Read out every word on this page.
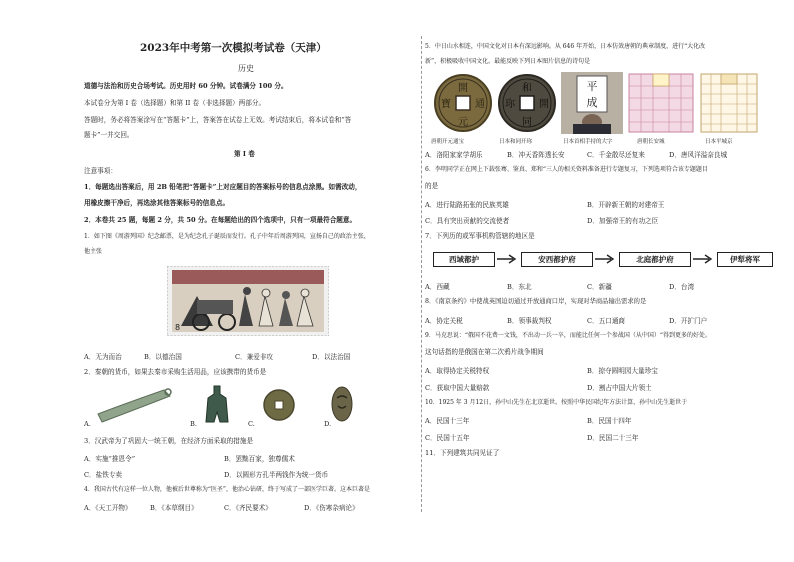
2023年中考第一次模拟考试卷（天津）
历史
道德与法治和历史合场考试。历史用时 60 分钟。试卷满分 100 分。
本试卷分为第 I 卷（选择题）和第 II 卷（非选择题）两部分。
答题时，务必将答案涂写在“答题卡”上，答案答在试卷上无效。考试结束后，将本试卷和“答
题卡”一并交回。
第 I 卷
注意事项：
1．每题选出答案后，用 2B 铅笔把“答题卡”上对应题目的答案标号的信息点涂黑。如需改动，
用橡皮擦干净后，再选涂其他答案标号的信息点。
2．本卷共 25 题，每题 2 分，共 50 分。在每题给出的四个选项中，只有一项最符合题意。
1．如下图《周游列国》纪念邮票，是为纪念孔子诞辰而发行。孔子中年后周游列国，宣扬自己的政治主张，
他主张
8
A．无为而治	B．以德治国	C．兼爱非攻	D．以法治国
2．秦朝的货币，如果去秦市采购生活用品，应该携带的货币是
A.	B.	C.	D.
3．汉武帝为了巩固大一统王朝，在经济方面采取的措施是
A．实施“推恩令”	B．罢黜百家，独尊儒术
C．盐铁专卖	D．以圆形方孔半两钱作为统一货币
4．我国古代有这样一位人物，他被后世尊称为“医圣”，他治心钻研，终于写成了一部医学巨著。这本巨著是
A．《天工开物》	B．《本草纲目》	C．《齐民要术》	D．《伤寒杂病论》
5．中日山水相连，中国文化对日本有深远影响。从 646 年开始，日本仿效唐朝的典章制度，进行“大化改
新”，积极吸收中国文化。最能反映下列日本图片信息的诗句是
開
元
通
寶
和
同
開
珎
平
成
唐朝开元通宝	日本和同开珎	日本首相手持的大字	唐朝长安城	日本平城京
A．洛阳家家学胡乐	B．冲天香阵透长安	C．千金散尽还复来	D．唐风洋溢奈良城
6．李明同学正在网上下载张骞、鉴真、郑和“三人的相关资料准备进行专题复习，下列选项符合该专题题目
的是
A．进行陆路拓张的民族英雄	B．开辟新王朝的对建帝王
C．具有突出贡献的交流使者	D．加强帝王的有功之臣
7．下列历的或军事机构管辖的地区是
西域都护	安西都护府	北庭都护府	伊犁将军
A．西藏	B．东北	C．新疆	D．台湾
8．《南京条约》中使战英国迫切通过开放通商口岸，实现对华商品输出需求的是
A．协定关税	B．领事裁判权	C．五口通商	D．开扩门户
9．马克思说：“俄国不花费一文钱，不出动一兵一卒，而能比任何一个参战国（从中国）“得到更多的好处。
这句话指的是俄国在第二次鸦片战争期间
A．取得协定关税特权	B．掠夺圆明园大量珍宝
C．获取中国大量赔款	D．割占中国大片领土
10．1925 年 3 月12日，孙中山先生在北京逝世。按照中华民国纪年方法计算，孙中山先生逝世于
A．民国十三年	B．民国十四年
C．民国十五年	D．民国二十三年
11．下列建筑共同见证了
